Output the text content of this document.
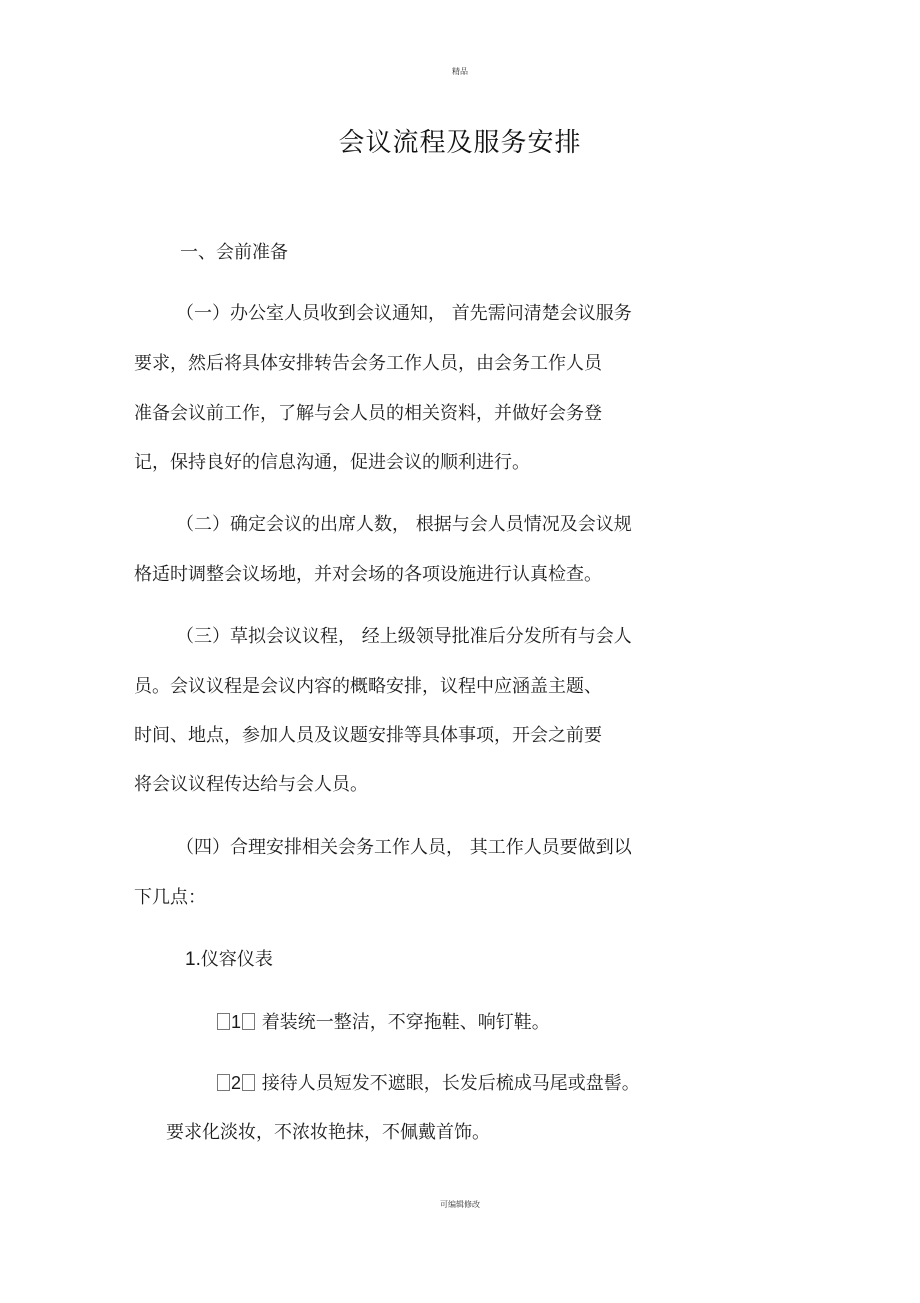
精品
会议流程及服务安排
一、会前准备
（一）办公室人员收到会议通知， 首先需问清楚会议服务
要求，然后将具体安排转告会务工作人员，由会务工作人员
准备会议前工作，了解与会人员的相关资料，并做好会务登
记，保持良好的信息沟通，促进会议的顺利进行。
（二）确定会议的出席人数， 根据与会人员情况及会议规
格适时调整会议场地，并对会场的各项设施进行认真检查。
（三）草拟会议议程， 经上级领导批准后分发所有与会人
员。会议议程是会议内容的概略安排，议程中应涵盖主题、
时间、地点，参加人员及议题安排等具体事项，开会之前要
将会议议程传达给与会人员。
（四）合理安排相关会务工作人员， 其工作人员要做到以
下几点：
1.仪容仪表
1 着装统一整洁，不穿拖鞋、响钉鞋。
2 接待人员短发不遮眼，长发后梳成马尾或盘髻。
要求化淡妆，不浓妆艳抹，不佩戴首饰。
可编辑修改
